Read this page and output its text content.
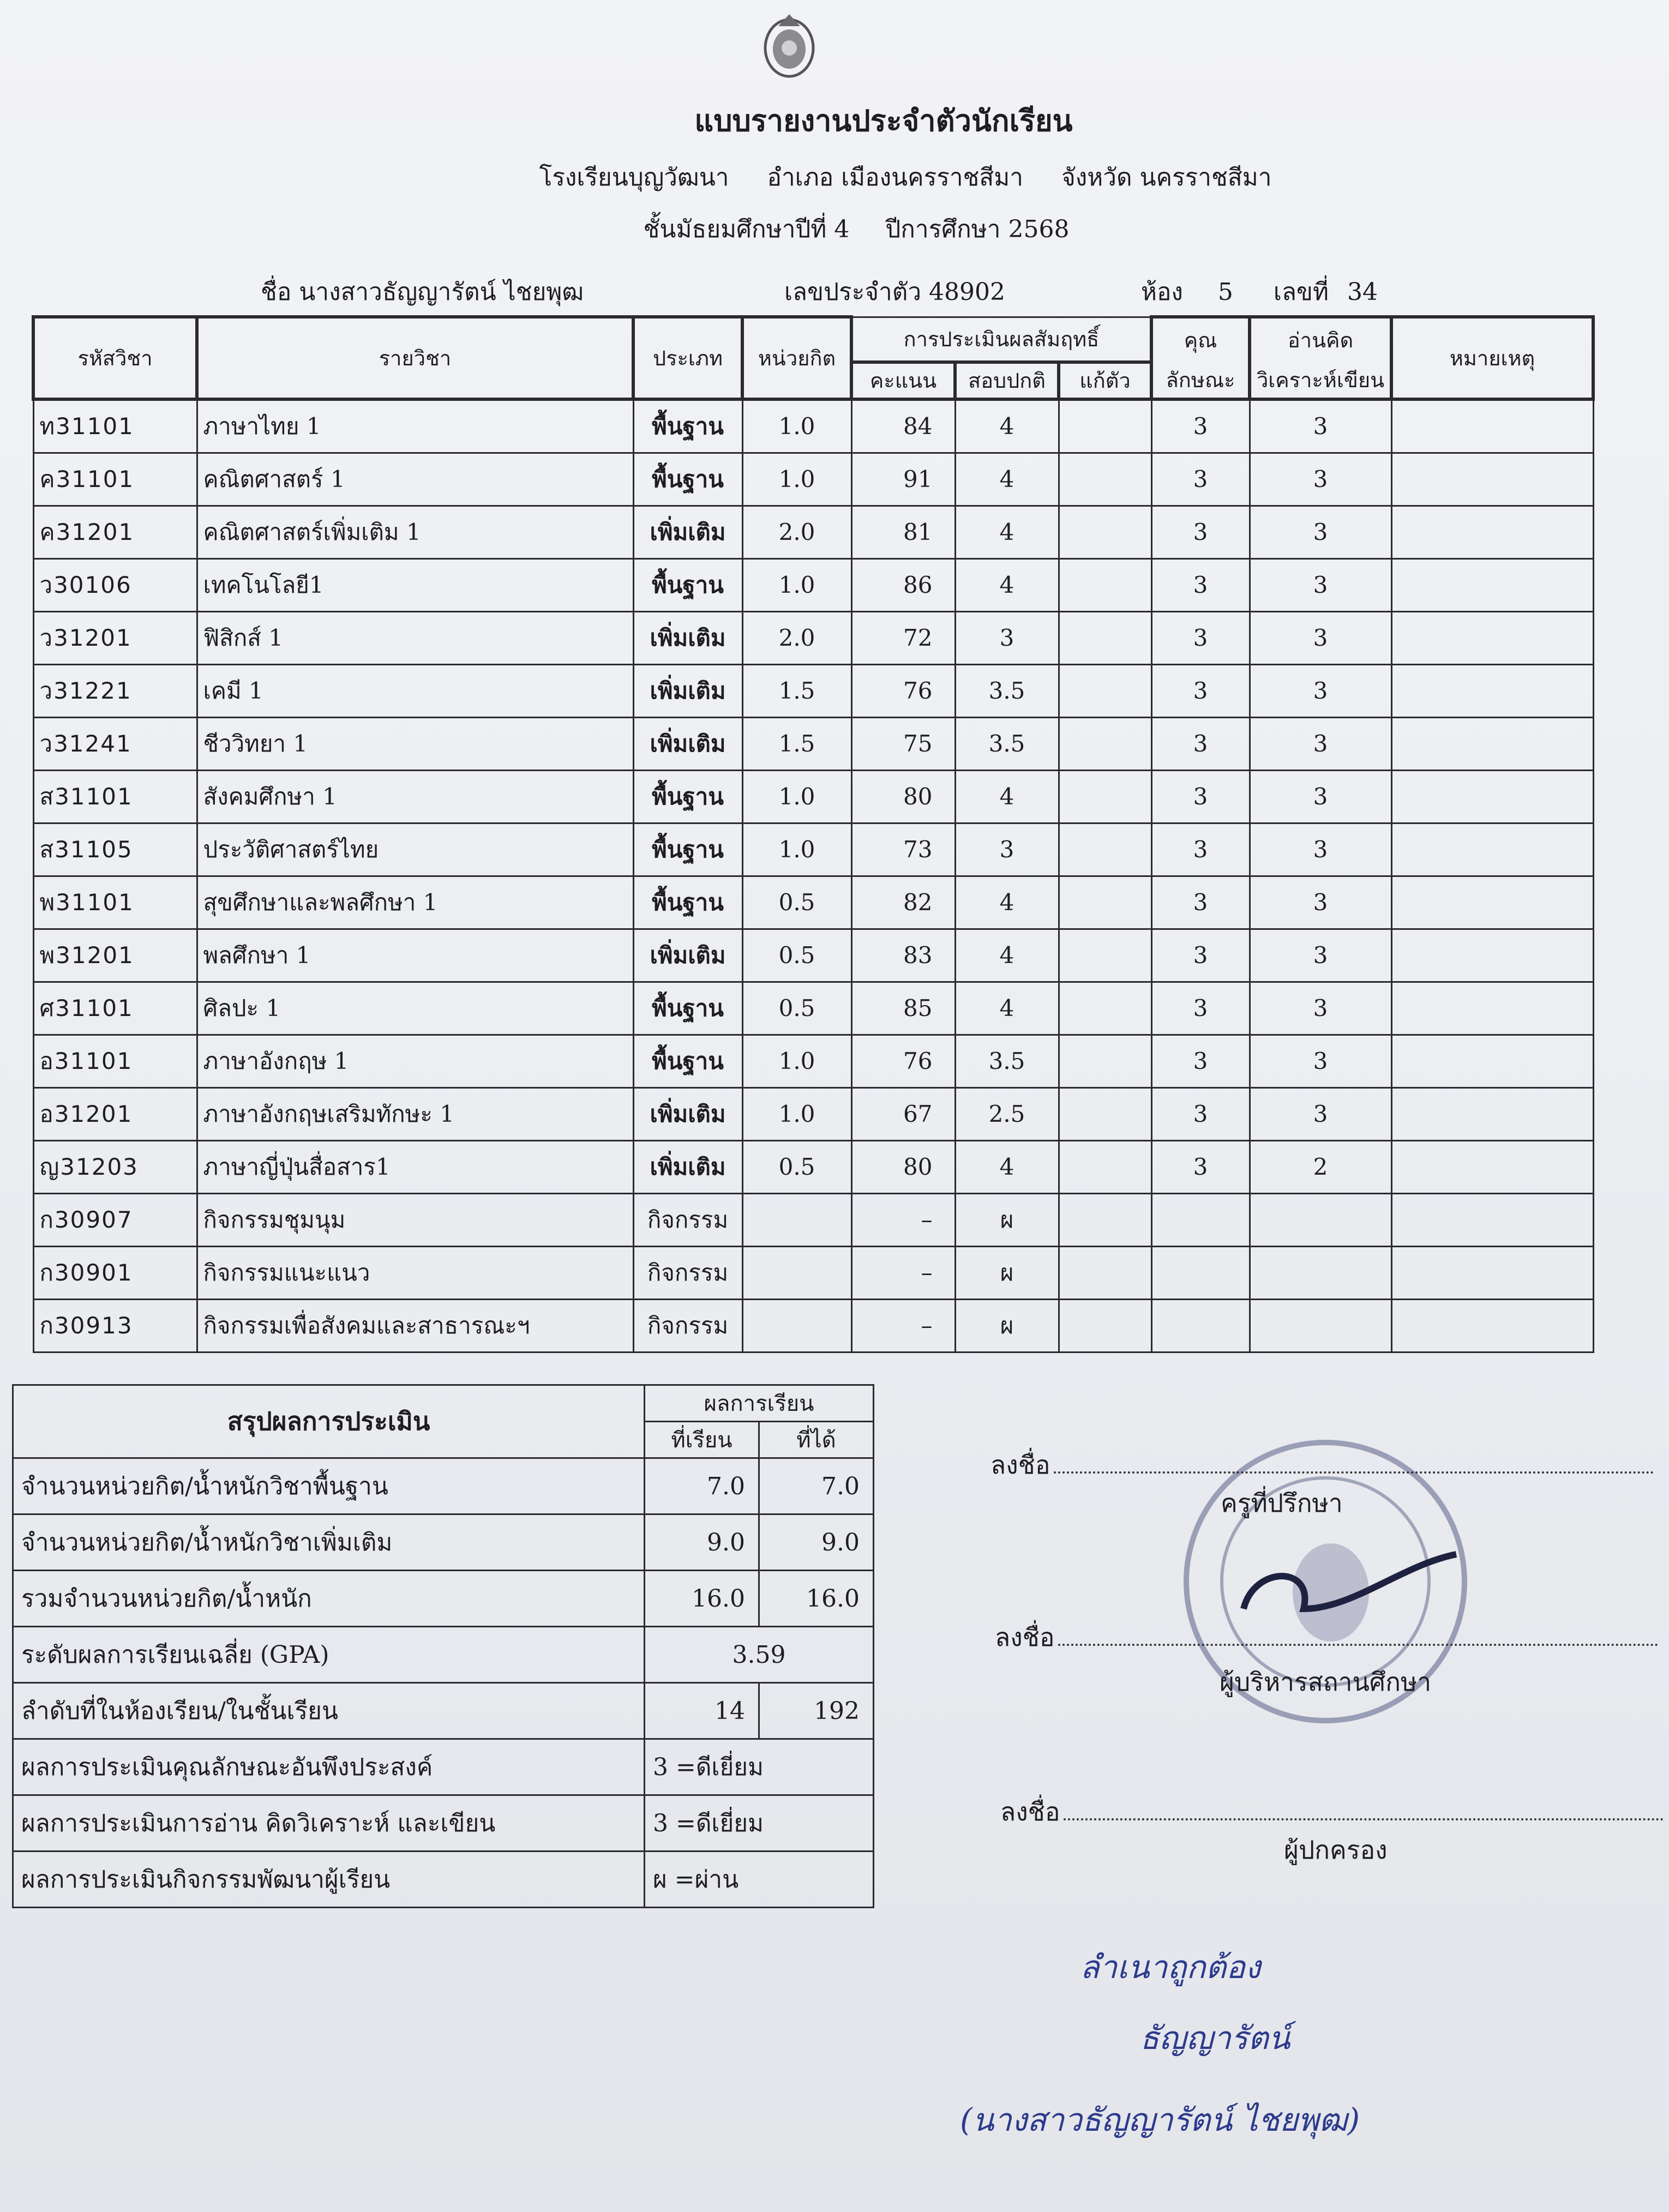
แบบรายงานประจำตัวนักเรียน
โรงเรียนบุญวัฒนา อำเภอ เมืองนครราชสีมา จังหวัด นครราชสีมา
ชั้นมัธยมศึกษาปีที่ 4 ปีการศึกษา 2568
ชื่อ นางสาวธัญญารัตน์ ไชยพุฒ	เลขประจำตัว 48902	ห้อง 5 เลขที่ 34
รหัสวิชา	รายวิชา	ประเภท	หน่วยกิต	การประเมินผลสัมฤทธิ์			คุณ	อ่านคิด	หมายเหตุ
				คะแนน	สอบปกติ	แก้ตัว	ลักษณะ	วิเคราะห์เขียน	
ท31101	ภาษาไทย 1	พื้นฐาน	1.0	84	4		3	3	
ค31101	คณิตศาสตร์ 1	พื้นฐาน	1.0	91	4		3	3	
ค31201	คณิตศาสตร์เพิ่มเติม 1	เพิ่มเติม	2.0	81	4		3	3	
ว30106	เทคโนโลยี1	พื้นฐาน	1.0	86	4		3	3	
ว31201	ฟิสิกส์ 1	เพิ่มเติม	2.0	72	3		3	3	
ว31221	เคมี 1	เพิ่มเติม	1.5	76	3.5		3	3	
ว31241	ชีววิทยา 1	เพิ่มเติม	1.5	75	3.5		3	3	
ส31101	สังคมศึกษา 1	พื้นฐาน	1.0	80	4		3	3	
ส31105	ประวัติศาสตร์ไทย	พื้นฐาน	1.0	73	3		3	3	
พ31101	สุขศึกษาและพลศึกษา 1	พื้นฐาน	0.5	82	4		3	3	
พ31201	พลศึกษา 1	เพิ่มเติม	0.5	83	4		3	3	
ศ31101	ศิลปะ 1	พื้นฐาน	0.5	85	4		3	3	
อ31101	ภาษาอังกฤษ 1	พื้นฐาน	1.0	76	3.5		3	3	
อ31201	ภาษาอังกฤษเสริมทักษะ 1	เพิ่มเติม	1.0	67	2.5		3	3	
ญ31203	ภาษาญี่ปุ่นสื่อสาร1	เพิ่มเติม	0.5	80	4		3	2	
ก30907	กิจกรรมชุมนุม	กิจกรรม		–	ผ				
ก30901	กิจกรรมแนะแนว	กิจกรรม		–	ผ				
ก30913	กิจกรรมเพื่อสังคมและสาธารณะฯ	กิจกรรม		–	ผ				
สรุปผลการประเมิน	ผลการเรียน	
	ที่เรียน	ที่ได้
จำนวนหน่วยกิต/น้ำหนักวิชาพื้นฐาน	7.0	7.0
จำนวนหน่วยกิต/น้ำหนักวิชาเพิ่มเติม	9.0	9.0
รวมจำนวนหน่วยกิต/น้ำหนัก	16.0	16.0
ระดับผลการเรียนเฉลี่ย (GPA)	3.59	
ลำดับที่ในห้องเรียน/ในชั้นเรียน	14	192
ผลการประเมินคุณลักษณะอันพึงประสงค์	3 =ดีเยี่ยม	
ผลการประเมินการอ่าน คิดวิเคราะห์ และเขียน	3 =ดีเยี่ยม	
ผลการประเมินกิจกรรมพัฒนาผู้เรียน	ผ =ผ่าน	
ลงชื่อ
ครูที่ปรึกษา
ลงชื่อ
ผู้บริหารสถานศึกษา
ลงชื่อ
ผู้ปกครอง
ลำเนาถูกต้อง
ธัญญารัตน์
(นางสาวธัญญารัตน์ ไชยพุฒ)
